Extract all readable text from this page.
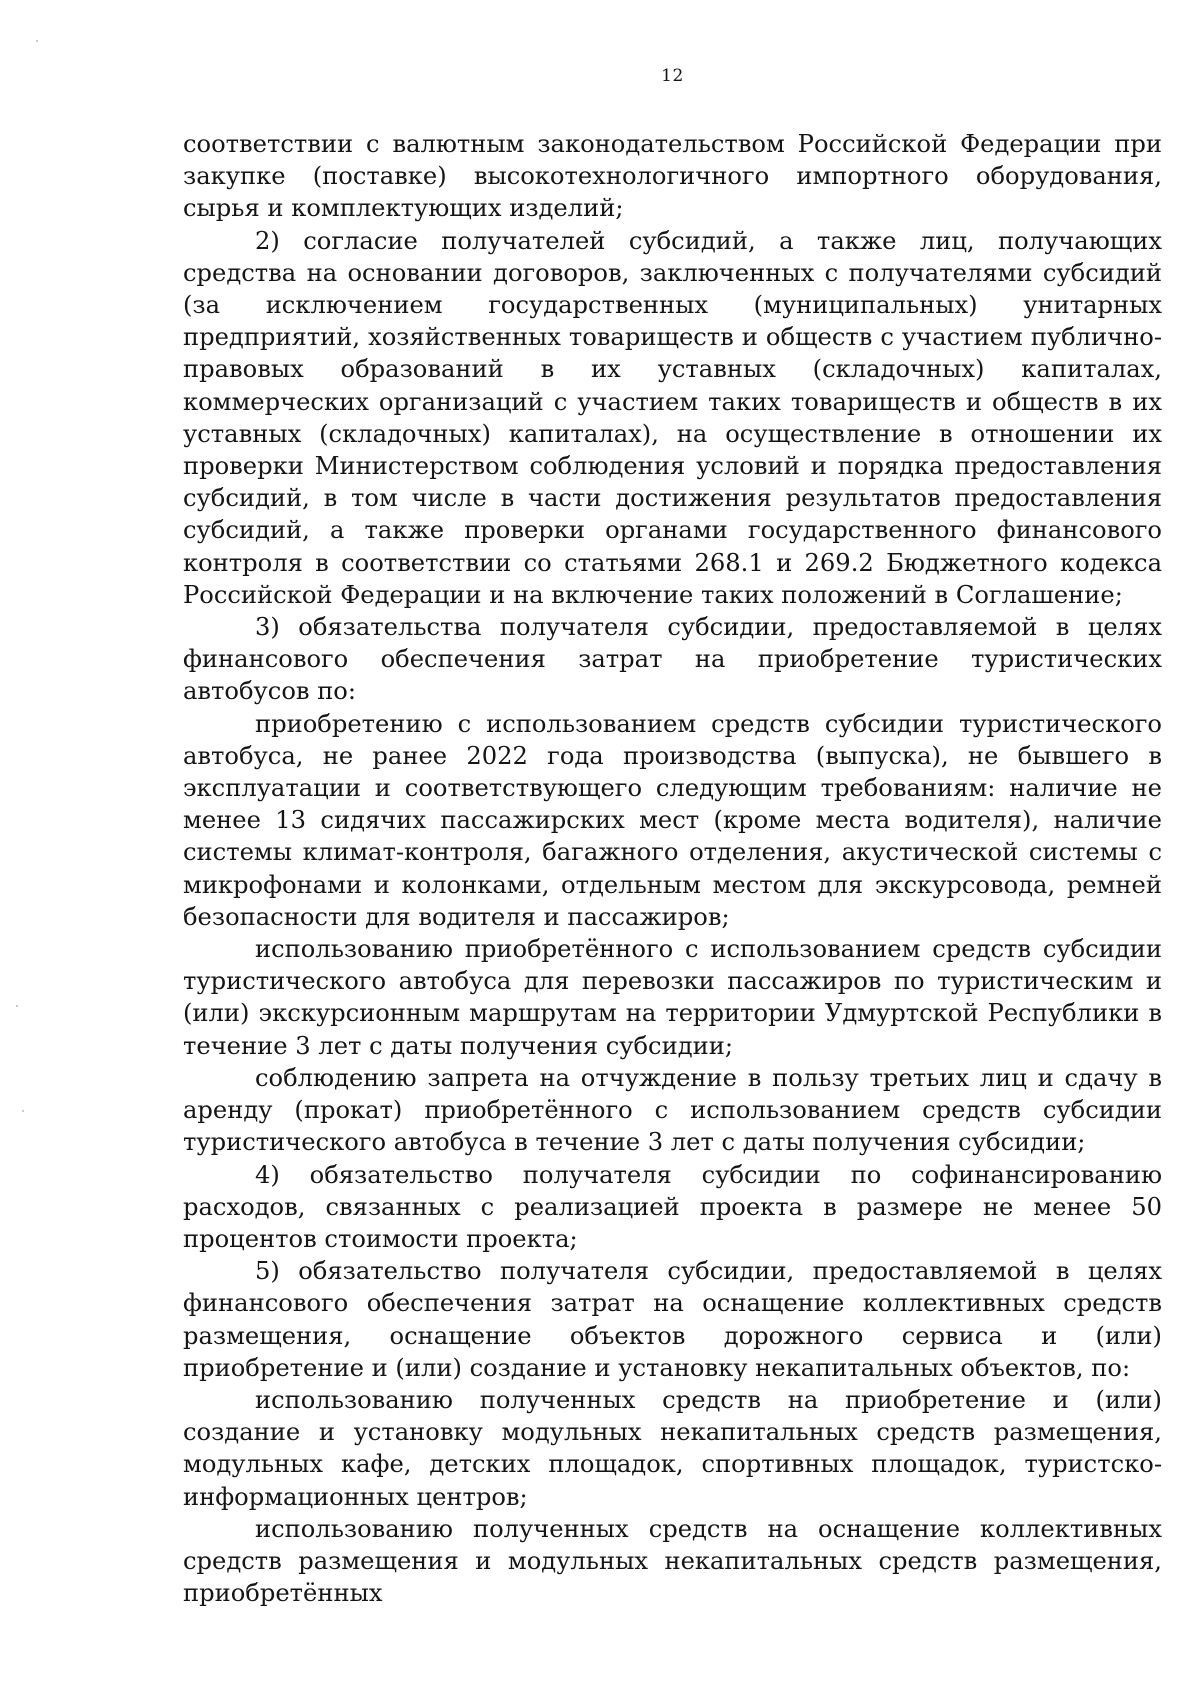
12

соответствии с валютным законодательством Российской Федерации при закупке (поставке) высокотехнологичного импортного оборудования, сырья и комплектующих изделий;

2) согласие получателей субсидий, а также лиц, получающих средства на основании договоров, заключенных с получателями субсидий (за исключением государственных (муниципальных) унитарных предприятий, хозяйственных товариществ и обществ с участием публично-правовых образований в их уставных (складочных) капиталах, коммерческих организаций с участием таких товариществ и обществ в их уставных (складочных) капиталах), на осуществление в отношении их проверки Министерством соблюдения условий и порядка предоставления субсидий, в том числе в части достижения результатов предоставления субсидий, а также проверки органами государственного финансового контроля в соответствии со статьями 268.1 и 269.2 Бюджетного кодекса Российской Федерации и на включение таких положений в Соглашение;

3) обязательства получателя субсидии, предоставляемой в целях финансового обеспечения затрат на приобретение туристических автобусов по:

приобретению с использованием средств субсидии туристического автобуса, не ранее 2022 года производства (выпуска), не бывшего в эксплуатации и соответствующего следующим требованиям: наличие не менее 13 сидячих пассажирских мест (кроме места водителя), наличие системы климат-контроля, багажного отделения, акустической системы с микрофонами и колонками, отдельным местом для экскурсовода, ремней безопасности для водителя и пассажиров;

использованию приобретённого с использованием средств субсидии туристического автобуса для перевозки пассажиров по туристическим и (или) экскурсионным маршрутам на территории Удмуртской Республики в течение 3 лет с даты получения субсидии;

соблюдению запрета на отчуждение в пользу третьих лиц и сдачу в аренду (прокат) приобретённого с использованием средств субсидии туристического автобуса в течение 3 лет с даты получения субсидии;

4) обязательство получателя субсидии по софинансированию расходов, связанных с реализацией проекта в размере не менее 50 процентов стоимости проекта;

5) обязательство получателя субсидии, предоставляемой в целях финансового обеспечения затрат на оснащение коллективных средств размещения, оснащение объектов дорожного сервиса и (или) приобретение и (или) создание и установку некапитальных объектов, по:

использованию полученных средств на приобретение и (или) создание и установку модульных некапитальных средств размещения, модульных кафе, детских площадок, спортивных площадок, туристско-информационных центров;

использованию полученных средств на оснащение коллективных средств размещения и модульных некапитальных средств размещения, приобретённых
